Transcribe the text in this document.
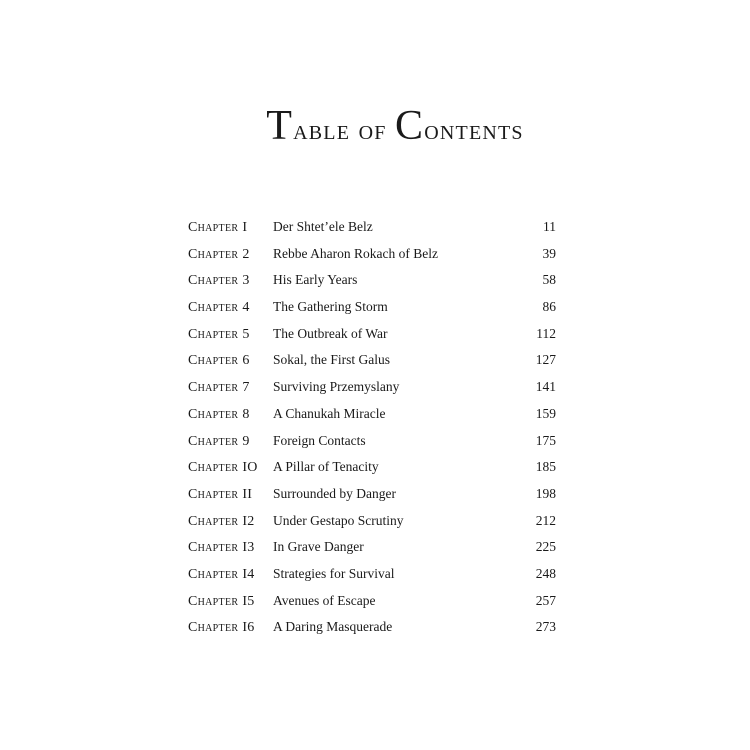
Table of Contents
Chapter I Der Shtet’ele Belz	11
Chapter 2 Rebbe Aharon Rokach of Belz	39
Chapter 3 His Early Years	58
Chapter 4 The Gathering Storm	86
Chapter 5 The Outbreak of War	112
Chapter 6 Sokal, the First Galus	127
Chapter 7 Surviving Przemyslany	141
Chapter 8 A Chanukah Miracle	159
Chapter 9 Foreign Contacts	175
Chapter IO A Pillar of Tenacity	185
Chapter II Surrounded by Danger	198
Chapter I2 Under Gestapo Scrutiny	212
Chapter I3 In Grave Danger	225
Chapter I4 Strategies for Survival	248
Chapter I5 Avenues of Escape	257
Chapter I6 A Daring Masquerade	273
